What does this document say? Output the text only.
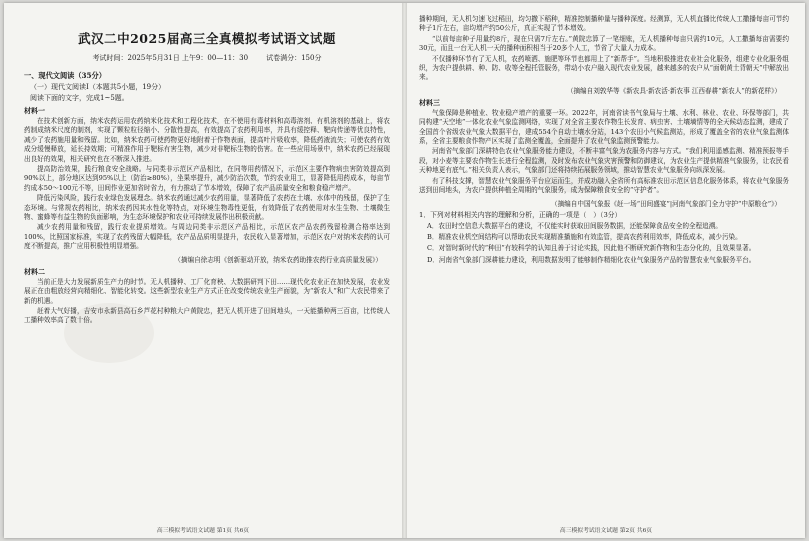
武汉二中2025届高三全真模拟考试语文试题
考试时间：2025年5月31日 上午9：00—11：30	试卷满分：150分
一、现代文阅读（35分）
（一）现代文阅读I（本题共5小题，19分）
阅读下面的文字，完成1~5题。
材料一

在技术创新方面，纳米农药运用农药纳米化技术和工程化技术，在不使用有毒材料和高毒溶剂、有机溶剂的基础上，将农药制成纳米尺度的制剂，实现了颗粒粒径缩小、分散性提高，有效提高了农药利用率，并具有缓控释、靶向传递等优良特性，减少了农药施用量和残留。比如，纳米农药可使药物更好地附着于作物表面，提高叶片吸收率，降低药液流失；可使农药有效成分缓慢释放，延长持效期；可精准作用于靶标有害生物，减少对非靶标生物的伤害。在一些应用场景中，纳米农药已经展现出良好的效果，相关研究也在不断深入推进。

提高防治效果，践行粮食安全战略。与同类非示范区产品相比，在同等用药情况下，示范区主要作物病虫害防效提高到90%以上，部分地区达到95%以上（防治≥80%），坐果率提升，减少防治次数，节约农业用工，显著降低用药成本，每亩节约成本50～100元不等，田间作业更加省时省力，有力推动了节本增效，保障了农产品质量安全和粮食稳产增产。

降低污染风险，践行农业绿色发展理念。纳米农药通过减少农药用量，显著降低了农药在土壤、水体中的残留，保护了生态环境。与常规农药相比，纳米农药因其水性化等特点，对环境生物毒性更低，有效降低了农药使用对水生生物、土壤微生物、蜜蜂等有益生物的负面影响，为生态环境保护和农业可持续发展作出积极贡献。

减少农药用量和残留，践行农业提质增效。与周边同类非示范区产品相比，示范区农产品农药残留检测合格率达到100%，比照国家标准，实现了农药残留大幅降低，农产品品质明显提升，农民收入显著增加，示范区农户对纳米农药的认可度不断提高，推广应用积极性明显增强。

（摘编自徐志明《创新驱动开放，纳米农药助推农药行业高质量发展》）
材料二

当前正是大力发展新质生产力的时节。无人机播种、工厂化育秧、大数据研判下田……现代化农业正在加快发展，农业发展正在由粗放经营向精细化、智能化转变。这些新型农业生产方式正在改变传统农业生产面貌，为“新农人”和广大农民带来了新的机遇。

赶着大气好播，吉安市永新县高石乡芦花村种粮大户黄院忠，把无人机开进了田间地头，一天能播种两三百亩，比传统人工播种效率高了数十倍。

高三模拟考试语文试题 第1页 共6页

播种期间，无人机匀速飞过稻田，均匀撒下稻种，精准控制播种量与播种深度。经测算，无人机直播比传统人工撒播每亩可节约种子1斤左右，亩均增产约50公斤，真正实现了节本增效。

“以前每亩种子用量约8斤，现在只需7斤左右。”黄院忠算了一笔细账，无人机播种每亩只需约10元，人工撒播每亩需要约30元，而且一台无人机一天的播种面积相当于20多个人工，节省了大量人力成本。

不仅播种环节有了无人机，农药喷洒、施肥等环节也都用上了“新帮手”。当地积极推进农业社会化服务，组建专业化服务组织，为农户提供耕、种、防、收等全程托管服务，带动小农户融入现代农业发展，越来越多的农户从“面朝黄土背朝天”中解放出来。

（摘编自刘敦华等《新农具·新农活·新农事 江西春耕“新农人”的新花样》）
材料三

气象保障是种植业、牧业稳产增产的重要一环。2022年，河南省读书气象局与土壤、水利、林业、农业、环保等部门，共同构建“天空地”一体化农业气象监测网络，实现了对全省主要农作物生长发育、病虫害、土壤墒情等的全天候动态监测，建成了全国首个省级农业气象大数据平台，建成554个自动土壤水分站，143个农田小气候监测站，形成了覆盖全省的农业气象监测体系，全省主要粮食作物产区实现了监测全覆盖，全面提升了农业气象监测预警能力。

河南省气象部门深耕特色农业气象服务能力建设，不断丰富气象为农服务内容与方式。“我们利用遥感监测、精准预报等手段，对小麦等主要农作物生长进行全程监测，及时发布农业气象灾害预警和防御建议，为农业生产提供精准气象服务，让农民看天种地更有底气。”相关负责人表示，气象部门还将持续拓展服务领域，推动智慧农业气象服务向纵深发展。

有了科技支撑，智慧农业气象服务平台应运而生，并成功融入全省所有高标准农田示范区信息化服务体系，将农业气象服务送到田间地头，为农户提供种植全周期的气象服务，成为保障粮食安全的“守护者”。

（摘编自中国气象报《赶一场“田间盛宴”|河南气象部门全力守护“中原粮仓”》）
1．下列对材料相关内容的理解和分析，正确的一项是（　）（3分）
A．农田时空信息大数据平台的建设，不仅能实时获取田间服务数据，还能保障食品安全的全程追溯。
B．精准农业机空间结构可以帮助农民实现精准播施和有效监管，提高农药利用效率，降低成本，减少污染。
C．对智时新时代的“种田”有较科学的认知且善于讨论实践，因此他不断研究新作物和生态分化的，且效果显著。
D．河南省气象部门深耕能力建设，利用数据发明了能够制作精细化农业气象服务产品的智慧农业气象服务平台。
高三模拟考试语文试题 第2页 共6页
